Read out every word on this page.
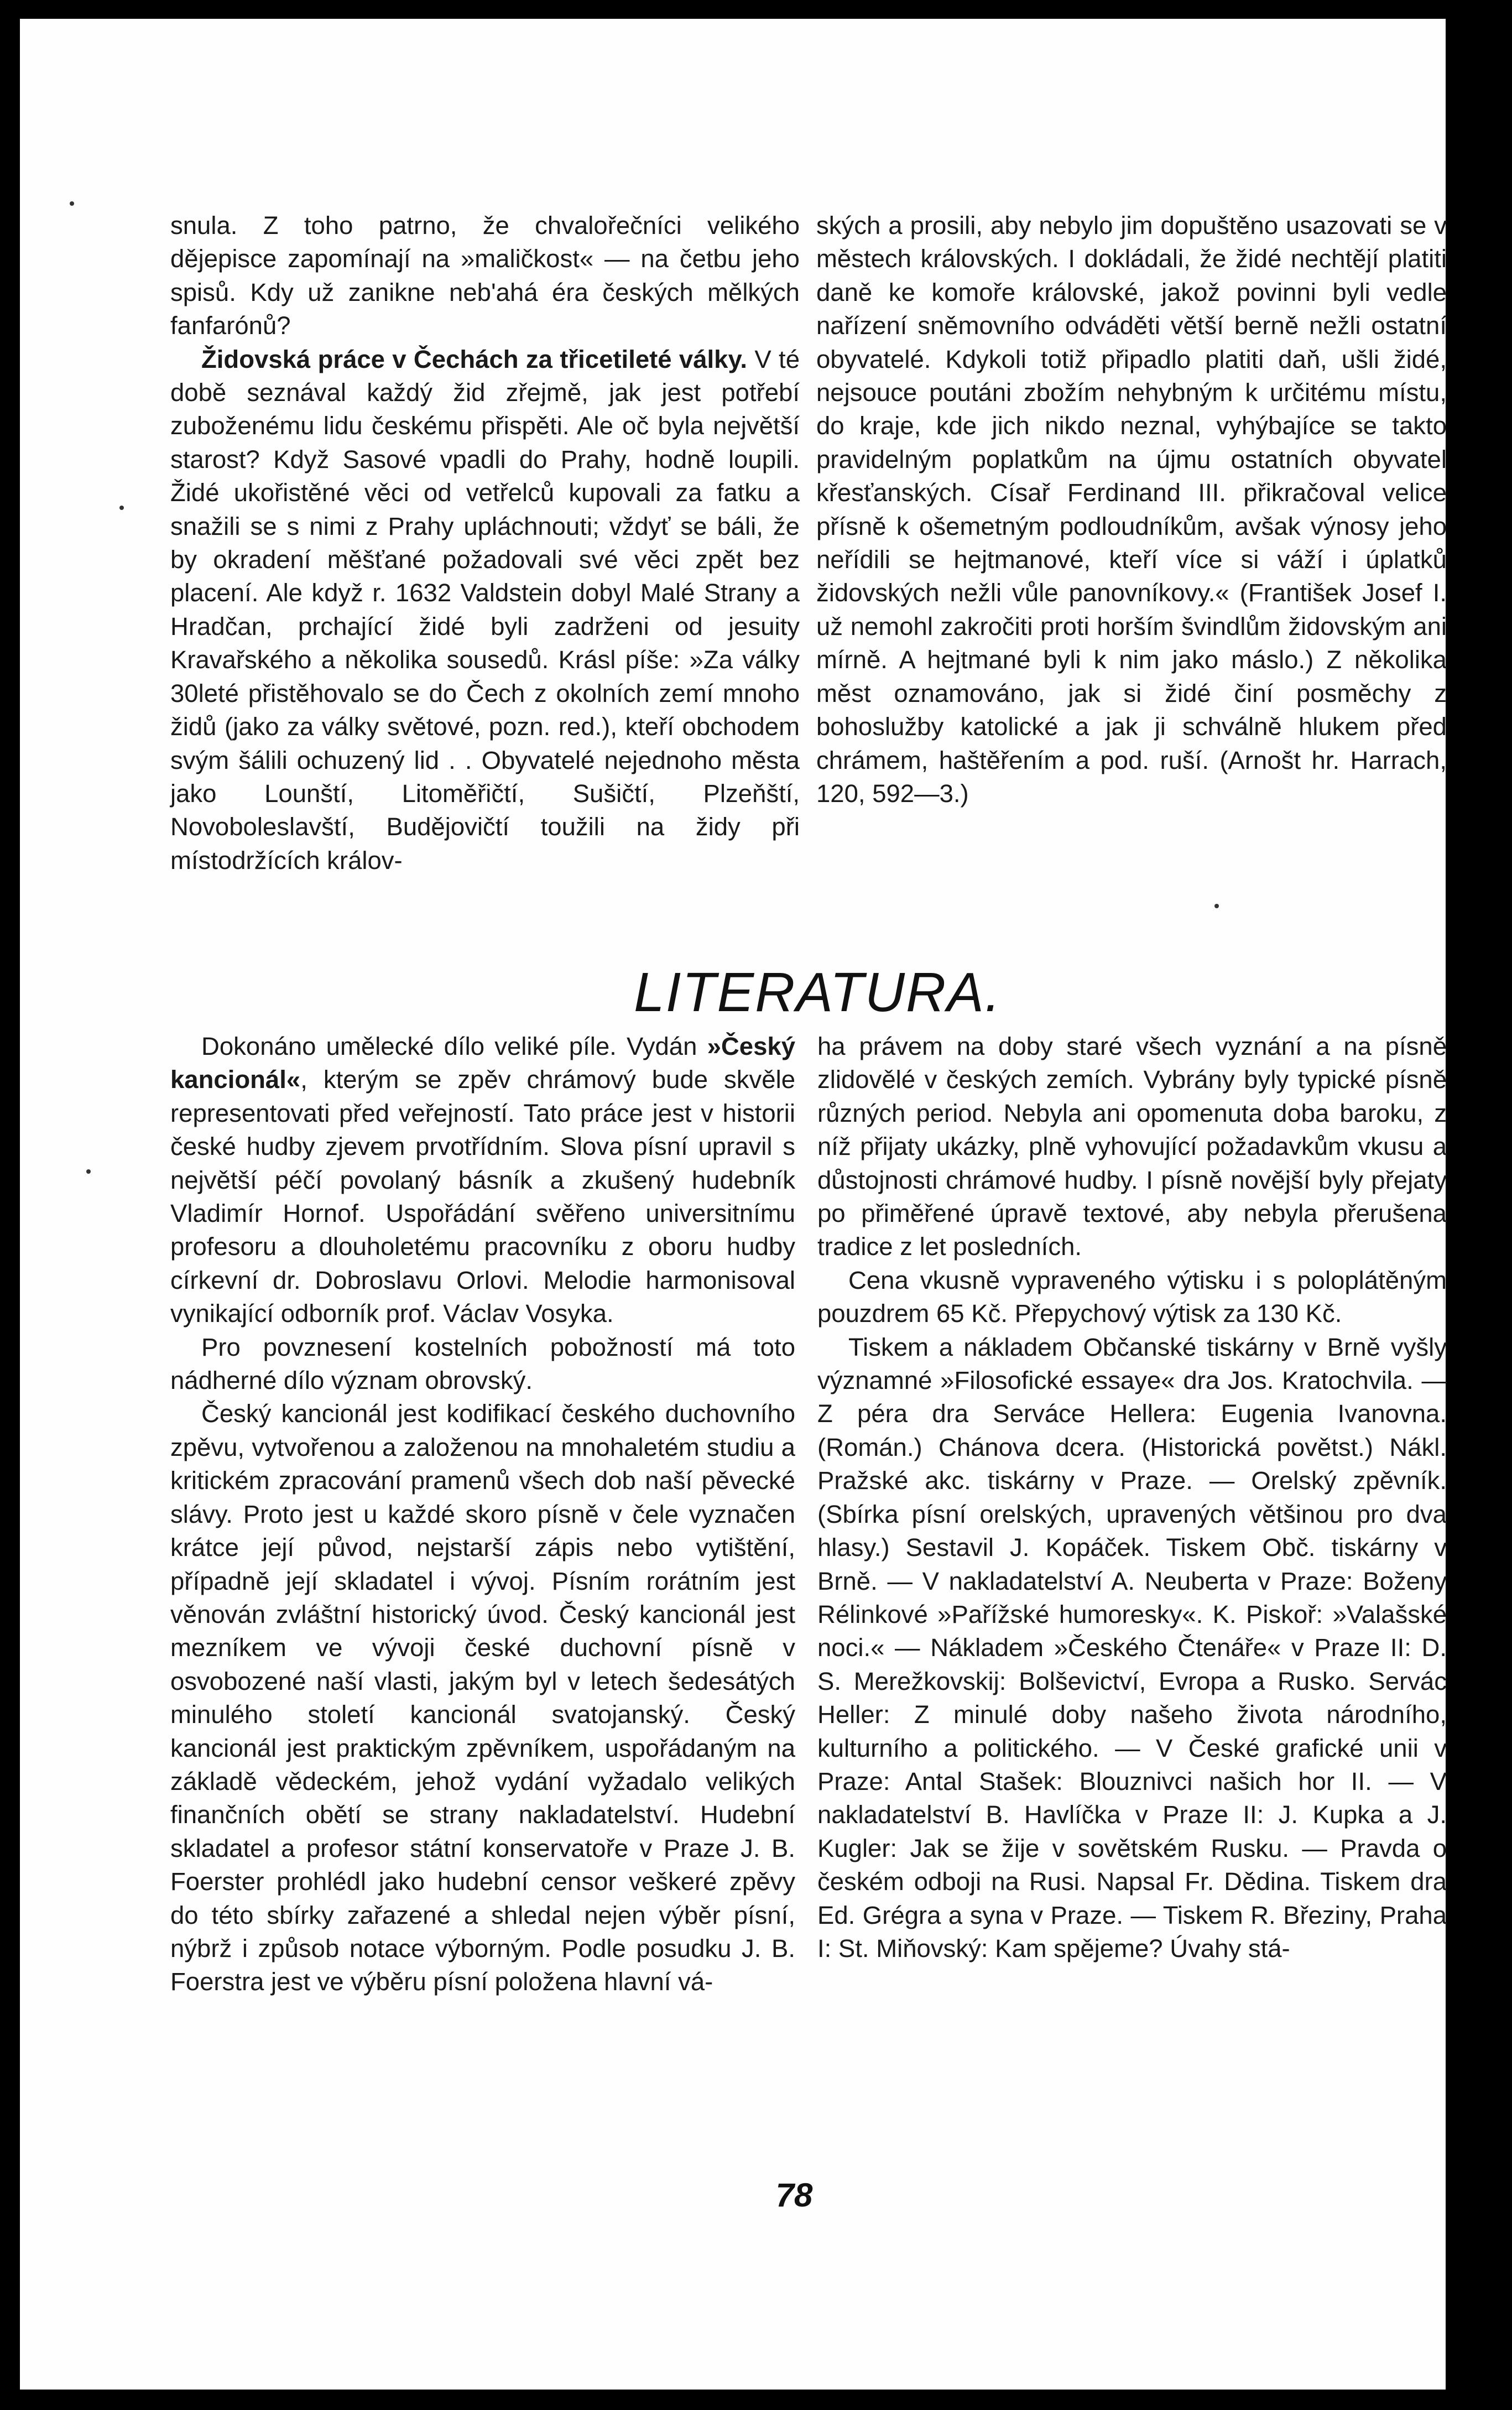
snula. Z toho patrno, že chvalořečníci velikého dějepisce zapomínají na »maličkost« — na četbu jeho spisů. Kdy už zanikne neb'ahá éra českých mělkých fanfarónů?

Židovská práce v Čechách za třicetileté války. V té době seznával každý žid zřejmě, jak jest potřebí zuboženému lidu českému přispěti. Ale oč byla největší starost? Když Sasové vpadli do Prahy, hodně loupili. Židé ukořistěné věci od vetřelců kupovali za fatku a snažili se s nimi z Prahy upláchnouti; vždyť se báli, že by okradení měšťané požadovali své věci zpět bez placení. Ale když r. 1632 Valdstein dobyl Malé Strany a Hradčan, prchající židé byli zadrženi od jesuity Kravařského a několika sousedů. Krásl píše: »Za války 30leté přistěhovalo se do Čech z okolních zemí mnoho židů (jako za války světové, pozn. red.), kteří obchodem svým šálili ochuzený lid . . Obyvatelé nejednoho města jako Lounští, Litoměřičtí, Sušičtí, Plzeňští, Novoboleslavští, Budějovičtí toužili na židy při místodržících králov-

ských a prosili, aby nebylo jim dopuštěno usazovati se v městech královských. I dokládali, že židé nechtějí platiti daně ke komoře královské, jakož povinni byli vedle nařízení sněmovního odváděti větší berně nežli ostatní obyvatelé. Kdykoli totiž připadlo platiti daň, ušli židé, nejsouce poutáni zbožím nehybným k určitému místu, do kraje, kde jich nikdo neznal, vyhýbajíce se takto pravidelným poplatkům na újmu ostatních obyvatel křesťanských. Císař Ferdinand III. přikračoval velice přísně k ošemetným podloudníkům, avšak výnosy jeho neřídili se hejtmanové, kteří více si váží i úplatků židovských nežli vůle panovníkovy.« (František Josef I. už nemohl zakročiti proti horším švindlům židovským ani mírně. A hejtmané byli k nim jako máslo.) Z několika měst oznamováno, jak si židé činí posměchy z bohoslužby katolické a jak ji schválně hlukem před chrámem, haštěřením a pod. ruší. (Arnošt hr. Harrach, 120, 592—3.)

LITERATURA.

Dokonáno umělecké dílo veliké píle. Vydán »Český kancionál«, kterým se zpěv chrámový bude skvěle representovati před veřejností. Tato práce jest v historii české hudby zjevem prvotřídním. Slova písní upravil s největší péčí povolaný básník a zkušený hudebník Vladimír Hornof. Uspořádání svěřeno universitnímu profesoru a dlouholetému pracovníku z oboru hudby církevní dr. Dobroslavu Orlovi. Melodie harmonisoval vynikající odborník prof. Václav Vosyka.

Pro povznesení kostelních pobožností má toto nádherné dílo význam obrovský.

Český kancionál jest kodifikací českého duchovního zpěvu, vytvořenou a založenou na mnohaletém studiu a kritickém zpracování pramenů všech dob naší pěvecké slávy. Proto jest u každé skoro písně v čele vyznačen krátce její původ, nejstarší zápis nebo vytištění, případně její skladatel i vývoj. Písním rorátním jest věnován zvláštní historický úvod. Český kancionál jest mezníkem ve vývoji české duchovní písně v osvobozené naší vlasti, jakým byl v letech šedesátých minulého století kancionál svatojanský. Český kancionál jest praktickým zpěvníkem, uspořádaným na základě vědeckém, jehož vydání vyžadalo velikých finančních obětí se strany nakladatelství. Hudební skladatel a profesor státní konservatoře v Praze J. B. Foerster prohlédl jako hudební censor veškeré zpěvy do této sbírky zařazené a shledal nejen výběr písní, nýbrž i způsob notace výborným. Podle posudku J. B. Foerstra jest ve výběru písní položena hlavní vá-

ha právem na doby staré všech vyznání a na písně zlidovělé v českých zemích. Vybrány byly typické písně různých period. Nebyla ani opomenuta doba baroku, z níž přijaty ukázky, plně vyhovující požadavkům vkusu a důstojnosti chrámové hudby. I písně novější byly přejaty po přiměřené úpravě textové, aby nebyla přerušena tradice z let posledních.

Cena vkusně vypraveného výtisku i s poloplátěným pouzdrem 65 Kč. Přepychový výtisk za 130 Kč.

Tiskem a nákladem Občanské tiskárny v Brně vyšly významné »Filosofické essaye« dra Jos. Kratochvila. — Z péra dra Serváce Hellera: Eugenia Ivanovna. (Román.) Chánova dcera. (Historická povětst.) Nákl. Pražské akc. tiskárny v Praze. — Orelský zpěvník. (Sbírka písní orelských, upravených většinou pro dva hlasy.) Sestavil J. Kopáček. Tiskem Obč. tiskárny v Brně. — V nakladatelství A. Neuberta v Praze: Boženy Rélinkové »Pařížské humoresky«. K. Piskoř: »Valašské noci.« — Nákladem »Českého Čtenáře« v Praze II: D. S. Merežkovskij: Bolševictví, Evropa a Rusko. Servác Heller: Z minulé doby našeho života národního, kulturního a politického. — V České grafické unii v Praze: Antal Stašek: Blouznivci našich hor II. — V nakladatelství B. Havlíčka v Praze II: J. Kupka a J. Kugler: Jak se žije v sovětském Rusku. — Pravda o českém odboji na Rusi. Napsal Fr. Dědina. Tiskem dra Ed. Grégra a syna v Praze. — Tiskem R. Březiny, Praha I: St. Miňovský: Kam spějeme? Úvahy stá-

78
